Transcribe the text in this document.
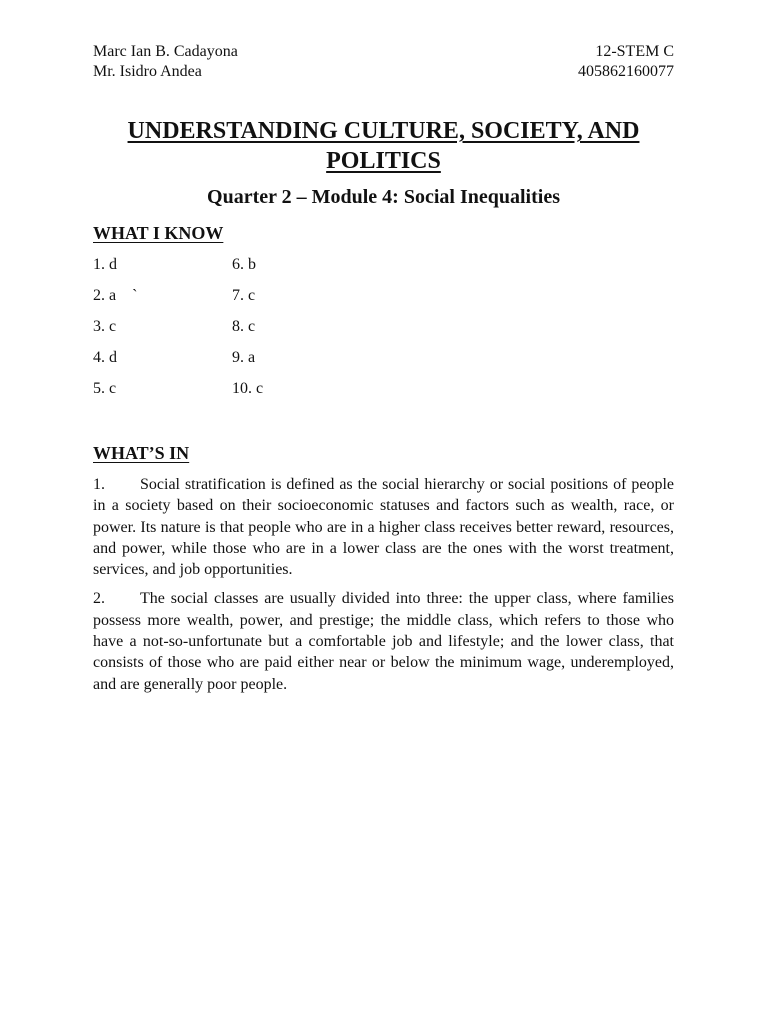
Marc Ian B. Cadayona	12-STEM C
Mr. Isidro Andea	405862160077
UNDERSTANDING CULTURE, SOCIETY, AND POLITICS
Quarter 2 – Module 4: Social Inequalities
WHAT I KNOW
1. d	6. b
2. a    `	7. c
3. c	8. c
4. d	9. a
5. c	10. c
WHAT’S IN

1. Social stratification is defined as the social hierarchy or social positions of people in a society based on their socioeconomic statuses and factors such as wealth, race, or power. Its nature is that people who are in a higher class receives better reward, resources, and power, while those who are in a lower class are the ones with the worst treatment, services, and job opportunities.

2. The social classes are usually divided into three: the upper class, where families possess more wealth, power, and prestige; the middle class, which refers to those who have a not-so-unfortunate but a comfortable job and lifestyle; and the lower class, that consists of those who are paid either near or below the minimum wage, underemployed, and are generally poor people.
